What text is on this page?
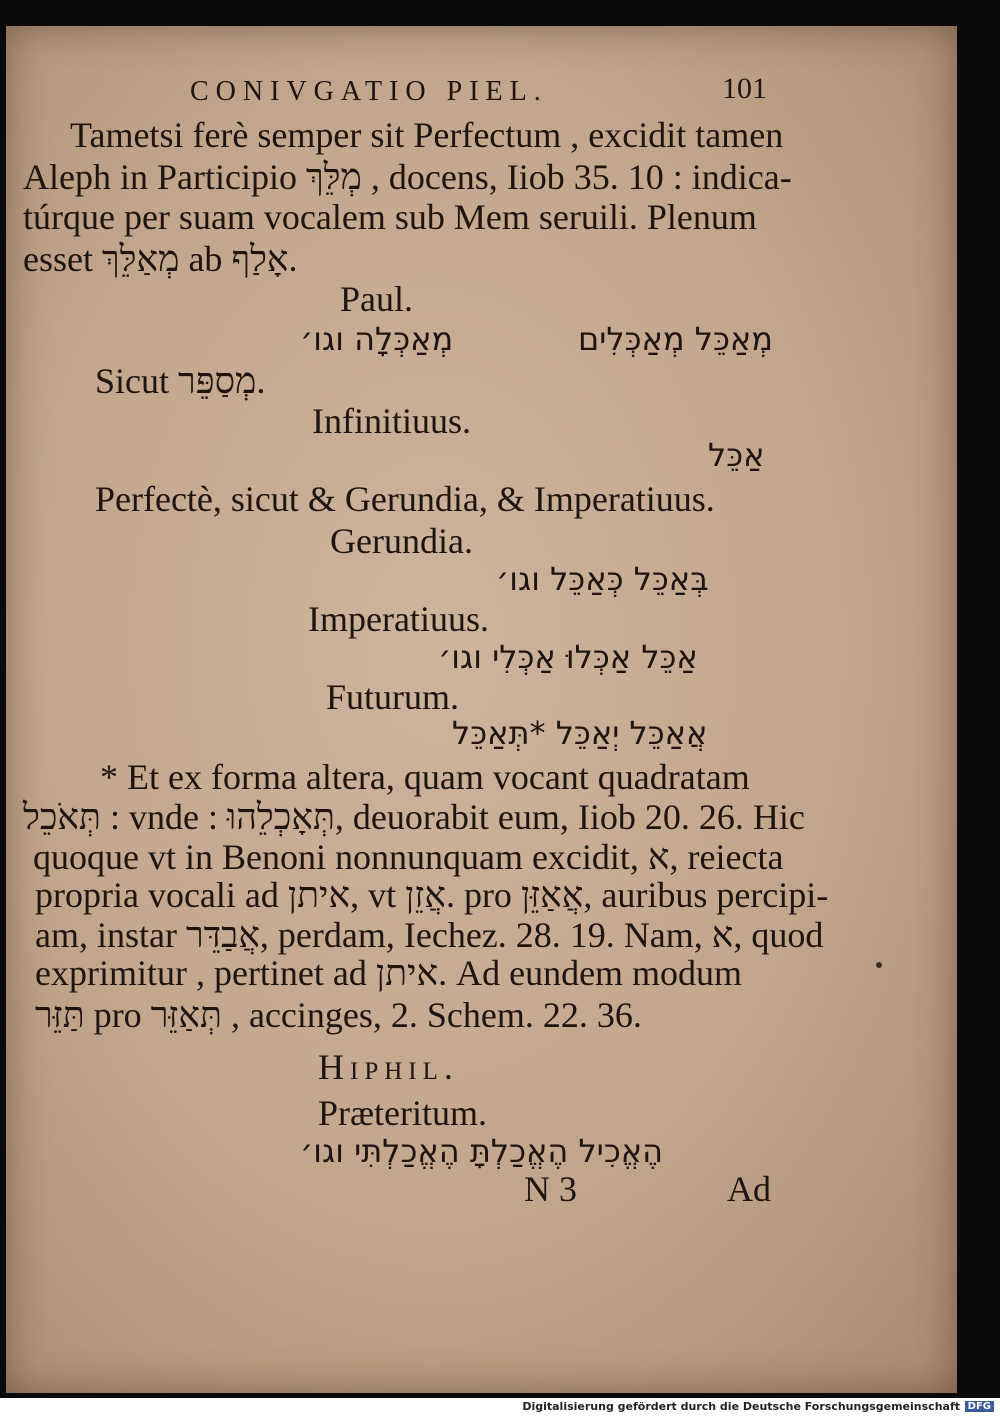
CONIVGATIO PIEL.	101
Tametsi ferè semper sit Perfectum , excidit tamen
Aleph in Participio מְלֵּךְ , docens, Iiob 35. 10 : indica-
túrque per suam vocalem sub Mem seruili. Plenum
esset מְאַלֵּךְ ab אָלַף.
Paul.
מְאַכְּלָה וגו׳	מְאַכֵּל מְאַכְּלִים
Sicut מְסַפֵּר.
Infinitiuus.
אַכֵּל
Perfectè, sicut & Gerundia, & Imperatiuus.
Gerundia.
בְּאַכֵּל כְּאַכֵּל וגו׳
Imperatiuus.
אַכֵּל אַכְּלוּ אַכְּלִי וגו׳
Futurum.
אֲאַכֵּל יְאַכֵּל *תְּאַכֵּל
* Et ex forma altera, quam vocant quadratam
תְּאֹכֵל : vnde : תְּאָכְלֵהוּ, deuorabit eum, Iiob 20. 26. Hic
quoque vt in Benoni nonnunquam excidit, א, reiecta
propria vocali ad איתן, vt אֲזֵן. pro אֲאַזֵּן, auribus percipi-
am, instar אֲבַדֵּר, perdam, Iechez. 28. 19. Nam, א, quod
exprimitur , pertinet ad איתן. Ad eundem modum
תַּזֵּר pro תְּאַזֵּר , accinges, 2. Schem. 22. 36.
Hiphil.
Præteritum.
הֶאֱכִיל הֶאֱכַלְתָּ הֶאֱכַלְתִּי וגו׳
N 3	Ad
Digitalisierung gefördert durch die Deutsche Forschungsgemeinschaft DFG
